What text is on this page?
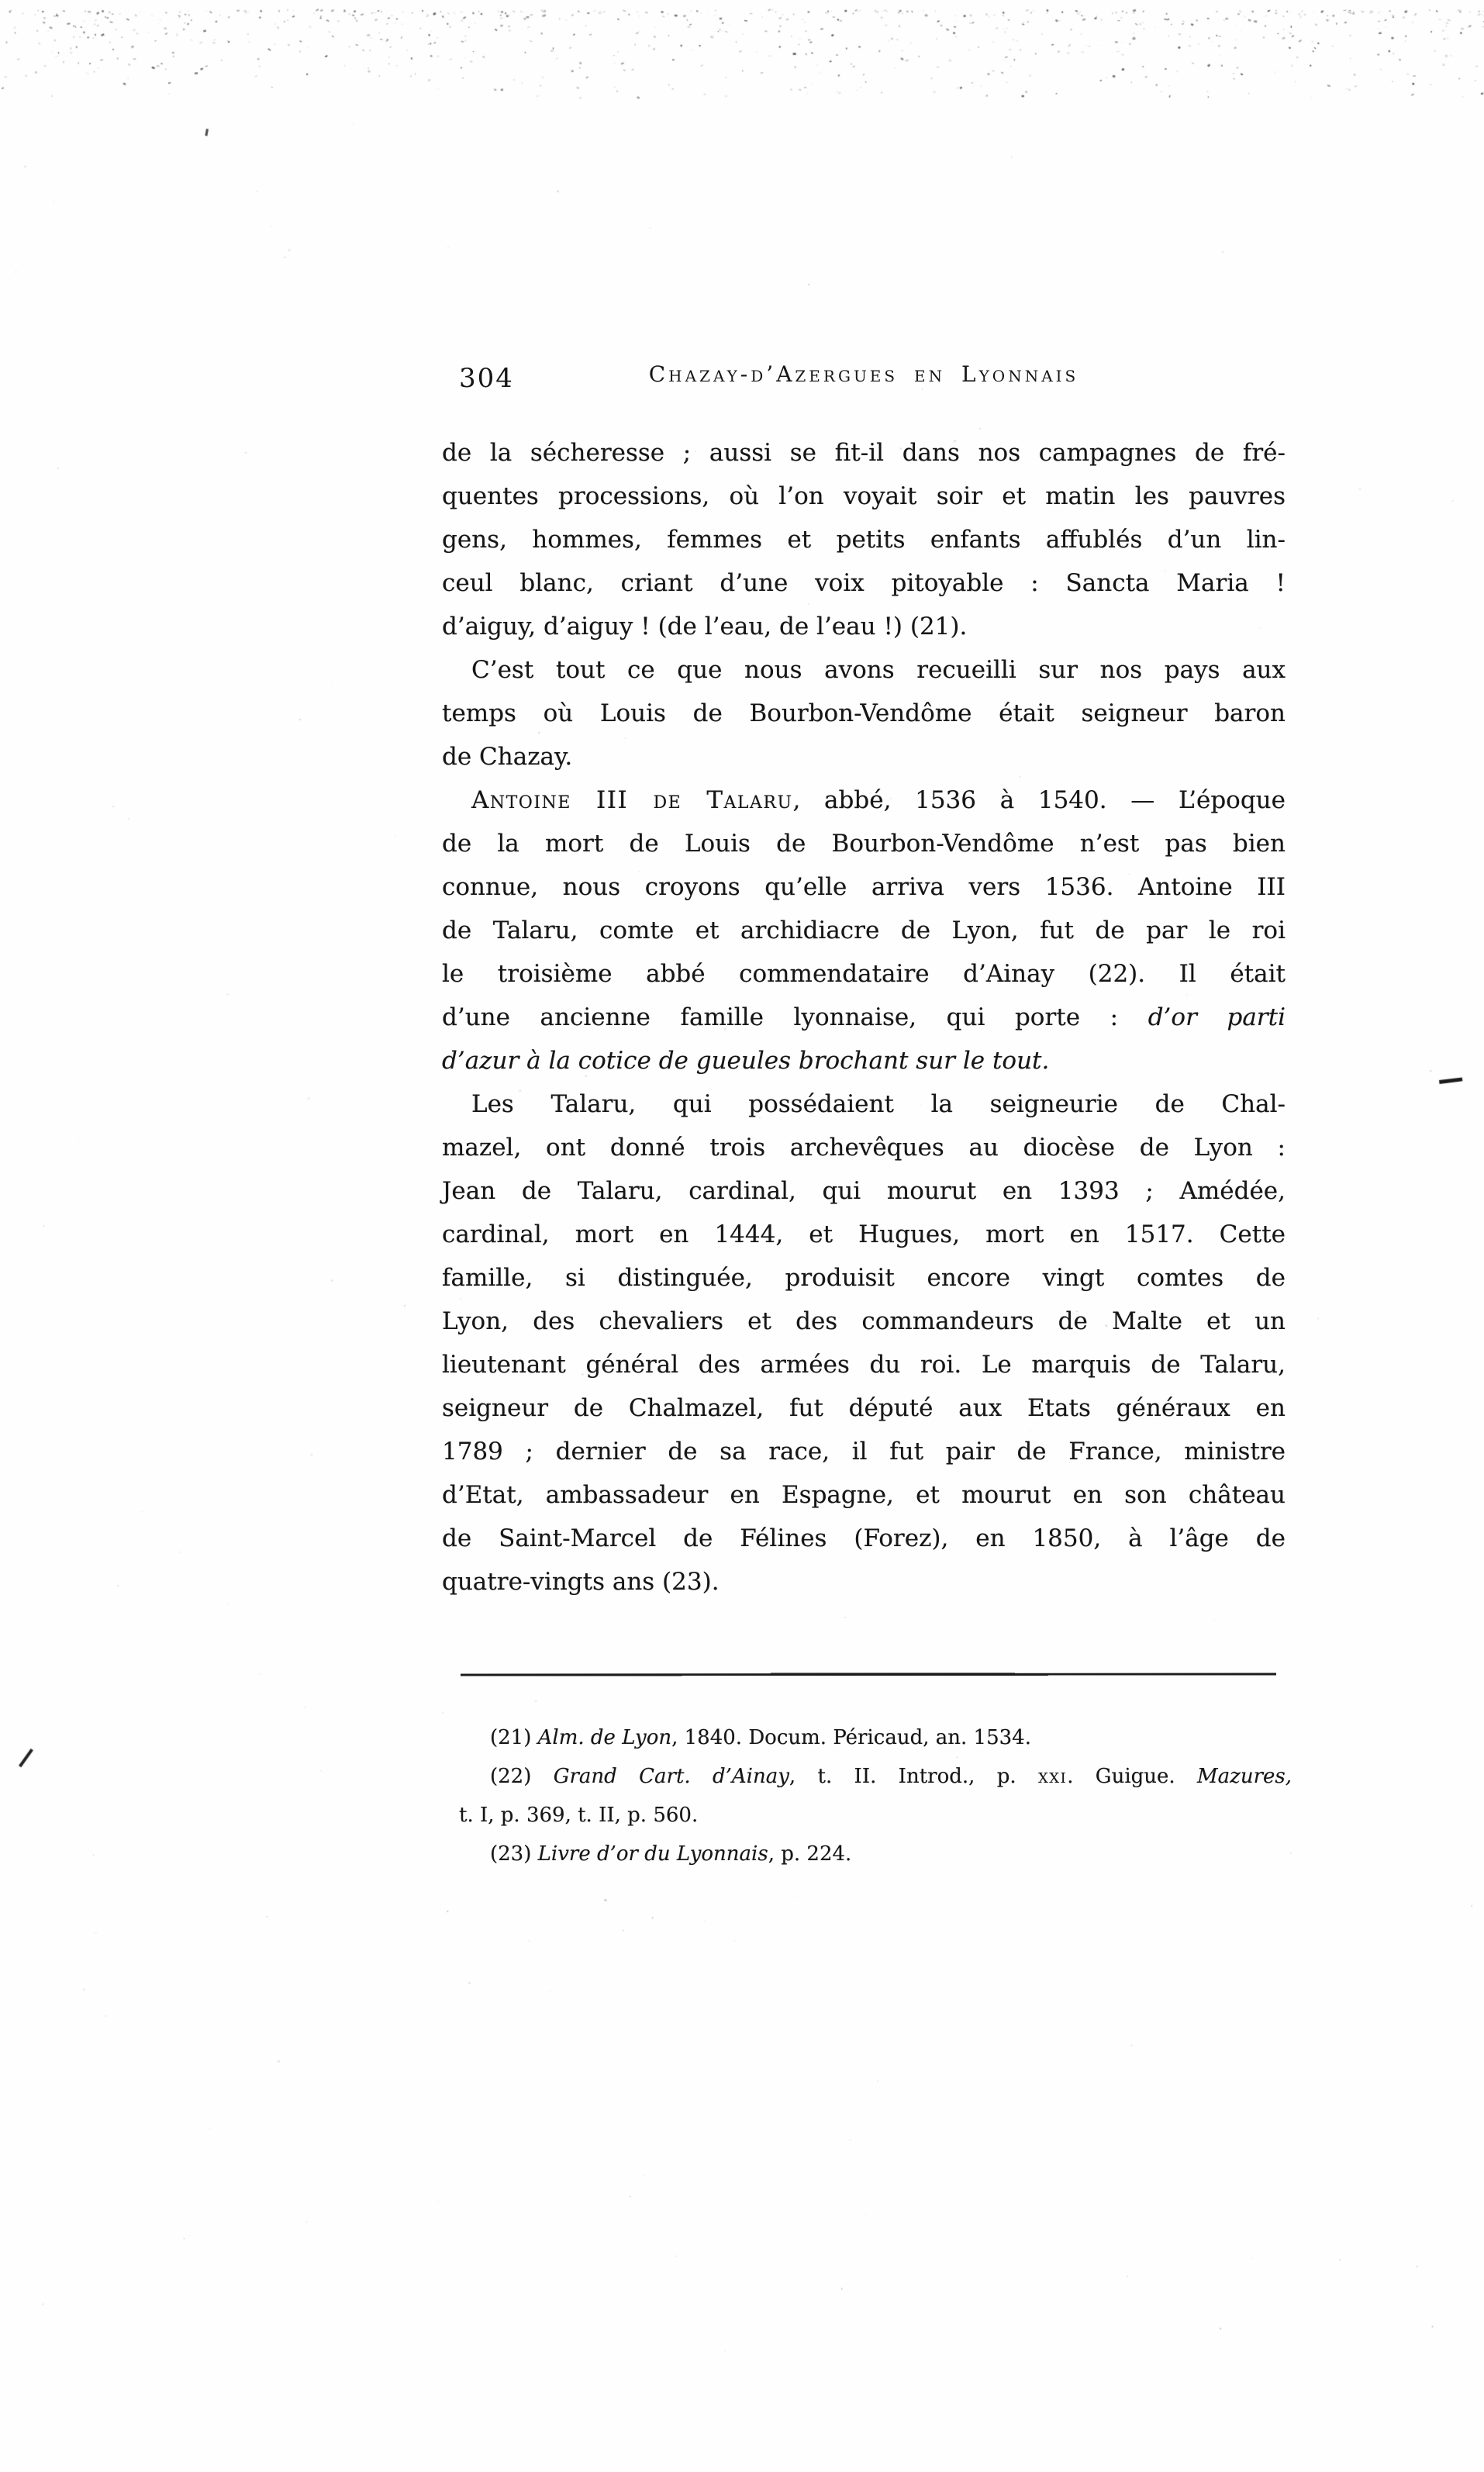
304	Chazay-d’Azergues en Lyonnais
de la sécheresse ; aussi se fit-il dans nos campagnes de fré-
quentes processions, où l’on voyait soir et matin les pauvres
gens, hommes, femmes et petits enfants affublés d’un lin-
ceul blanc, criant d’une voix pitoyable : Sancta Maria !
d’aiguy, d’aiguy ! (de l’eau, de l’eau !) (21).
C’est tout ce que nous avons recueilli sur nos pays aux
temps où Louis de Bourbon-Vendôme était seigneur baron
de Chazay.
Antoine III de Talaru, abbé, 1536 à 1540. — L’époque
de la mort de Louis de Bourbon-Vendôme n’est pas bien
connue, nous croyons qu’elle arriva vers 1536. Antoine III
de Talaru, comte et archidiacre de Lyon, fut de par le roi
le troisième abbé commendataire d’Ainay (22). Il était
d’une ancienne famille lyonnaise, qui porte : d’or parti
d’azur à la cotice de gueules brochant sur le tout.
Les Talaru, qui possédaient la seigneurie de Chal-
mazel, ont donné trois archevêques au diocèse de Lyon :
Jean de Talaru, cardinal, qui mourut en 1393 ; Amédée,
cardinal, mort en 1444, et Hugues, mort en 1517. Cette
famille, si distinguée, produisit encore vingt comtes de
Lyon, des chevaliers et des commandeurs de Malte et un
lieutenant général des armées du roi. Le marquis de Talaru,
seigneur de Chalmazel, fut député aux Etats généraux en
1789 ; dernier de sa race, il fut pair de France, ministre
d’Etat, ambassadeur en Espagne, et mourut en son château
de Saint-Marcel de Félines (Forez), en 1850, à l’âge de
quatre-vingts ans (23).
(21) Alm. de Lyon, 1840. Docum. Péricaud, an. 1534.
(22) Grand Cart. d’Ainay, t. II. Introd., p. xxi. Guigue. Mazures,
t. I, p. 369, t. II, p. 560.
(23) Livre d’or du Lyonnais, p. 224.
